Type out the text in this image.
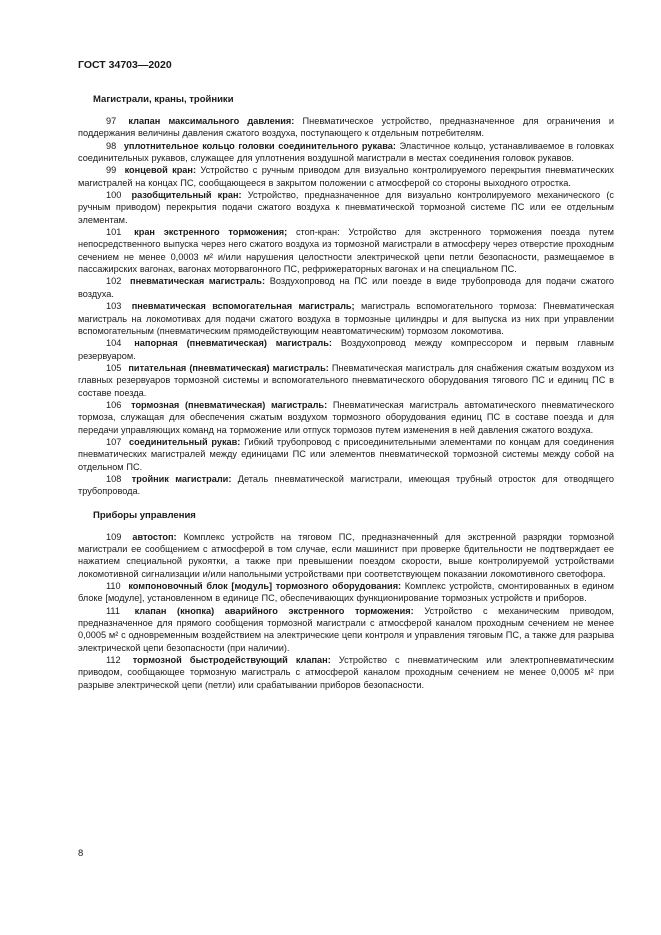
ГОСТ 34703—2020

Магистрали, краны, тройники

97 клапан максимального давления: Пневматическое устройство, предназначенное для ограничения и поддержания величины давления сжатого воздуха, поступающего к отдельным потребителям.

98 уплотнительное кольцо головки соединительного рукава: Эластичное кольцо, устанавливаемое в головках соединительных рукавов, служащее для уплотнения воздушной магистрали в местах соединения головок рукавов.

99 концевой кран: Устройство с ручным приводом для визуально контролируемого перекрытия пневматических магистралей на концах ПС, сообщающееся в закрытом положении с атмосферой со стороны выходного отростка.

100 разобщительный кран: Устройство, предназначенное для визуально контролируемого механического (с ручным приводом) перекрытия подачи сжатого воздуха к пневматической тормозной системе ПС или ее отдельным элементам.

101 кран экстренного торможения; стоп-кран: Устройство для экстренного торможения поезда путем непосредственного выпуска через него сжатого воздуха из тормозной магистрали в атмосферу через отверстие проходным сечением не менее 0,0003 м² и/или нарушения целостности электрической цепи петли безопасности, размещаемое в пассажирских вагонах, вагонах моторвагонного ПС, рефрижераторных вагонах и на специальном ПС.

102 пневматическая магистраль: Воздухопровод на ПС или поезде в виде трубопровода для подачи сжатого воздуха.

103 пневматическая вспомогательная магистраль; магистраль вспомогательного тормоза: Пневматическая магистраль на локомотивах для подачи сжатого воздуха в тормозные цилиндры и для выпуска из них при управлении вспомогательным (пневматическим прямодействующим неавтоматическим) тормозом локомотива.

104 напорная (пневматическая) магистраль: Воздухопровод между компрессором и первым главным резервуаром.

105 питательная (пневматическая) магистраль: Пневматическая магистраль для снабжения сжатым воздухом из главных резервуаров тормозной системы и вспомогательного пневматического оборудования тягового ПС и единиц ПС в составе поезда.

106 тормозная (пневматическая) магистраль: Пневматическая магистраль автоматического пневматического тормоза, служащая для обеспечения сжатым воздухом тормозного оборудования единиц ПС в составе поезда и для передачи управляющих команд на торможение или отпуск тормозов путем изменения в ней давления сжатого воздуха.

107 соединительный рукав: Гибкий трубопровод с присоединительными элементами по концам для соединения пневматических магистралей между единицами ПС или элементов пневматической тормозной системы между собой на отдельном ПС.

108 тройник магистрали: Деталь пневматической магистрали, имеющая трубный отросток для отводящего трубопровода.

Приборы управления

109 автостоп: Комплекс устройств на тяговом ПС, предназначенный для экстренной разрядки тормозной магистрали ее сообщением с атмосферой в том случае, если машинист при проверке бдительности не подтверждает ее нажатием специальной рукоятки, а также при превышении поездом скорости, выше контролируемой устройствами локомотивной сигнализации и/или напольными устройствами при соответствующем показании локомотивного светофора.

110 компоновочный блок [модуль] тормозного оборудования: Комплекс устройств, смонтированных в едином блоке [модуле], установленном в единице ПС, обеспечивающих функционирование тормозных устройств и приборов.

111 клапан (кнопка) аварийного экстренного торможения: Устройство с механическим приводом, предназначенное для прямого сообщения тормозной магистрали с атмосферой каналом проходным сечением не менее 0,0005 м² с одновременным воздействием на электрические цепи контроля и управления тяговым ПС, а также для разрыва электрической цепи безопасности (при наличии).

112 тормозной быстродействующий клапан: Устройство с пневматическим или электропневматическим приводом, сообщающее тормозную магистраль с атмосферой каналом проходным сечением не менее 0,0005 м² при разрыве электрической цепи (петли) или срабатывании приборов безопасности.

8
